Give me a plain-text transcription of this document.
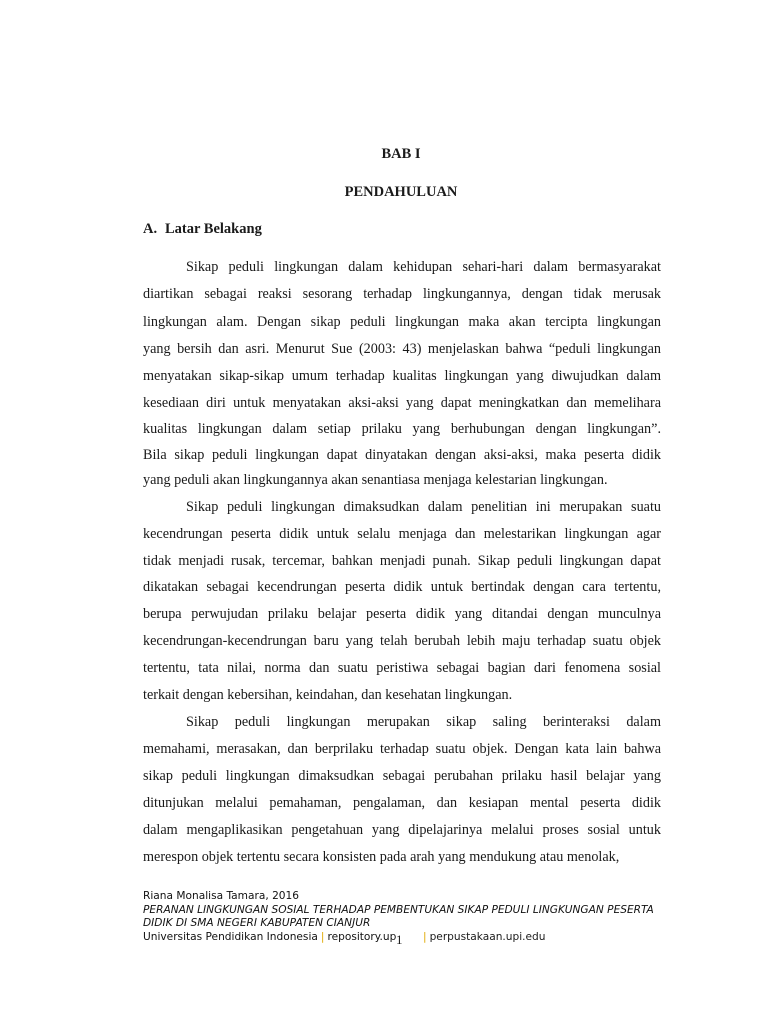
BAB I
PENDAHULUAN
A. Latar Belakang
Sikap peduli lingkungan dalam kehidupan sehari-hari dalam bermasyarakat
diartikan sebagai reaksi sesorang terhadap lingkungannya, dengan tidak merusak
lingkungan alam. Dengan sikap peduli lingkungan maka akan tercipta lingkungan
yang bersih dan asri. Menurut Sue (2003: 43) menjelaskan bahwa “peduli lingkungan
menyatakan sikap-sikap umum terhadap kualitas lingkungan yang diwujudkan dalam
kesediaan diri untuk menyatakan aksi-aksi yang dapat meningkatkan dan memelihara
kualitas lingkungan dalam setiap prilaku yang berhubungan dengan lingkungan”.
Bila sikap peduli lingkungan dapat dinyatakan dengan aksi-aksi, maka peserta didik
yang peduli akan lingkungannya akan senantiasa menjaga kelestarian lingkungan.
Sikap peduli lingkungan dimaksudkan dalam penelitian ini merupakan suatu
kecendrungan peserta didik untuk selalu menjaga dan melestarikan lingkungan agar
tidak menjadi rusak, tercemar, bahkan menjadi punah. Sikap peduli lingkungan dapat
dikatakan sebagai kecendrungan peserta didik untuk bertindak dengan cara tertentu,
berupa perwujudan prilaku belajar peserta didik yang ditandai dengan munculnya
kecendrungan-kecendrungan baru yang telah berubah lebih maju terhadap suatu objek
tertentu, tata nilai, norma dan suatu peristiwa sebagai bagian dari fenomena sosial
terkait dengan kebersihan, keindahan, dan kesehatan lingkungan.
Sikap peduli lingkungan merupakan sikap saling berinteraksi dalam
memahami, merasakan, dan berprilaku terhadap suatu objek. Dengan kata lain bahwa
sikap peduli lingkungan dimaksudkan sebagai perubahan prilaku hasil belajar yang
ditunjukan melalui pemahaman, pengalaman, dan kesiapan mental peserta didik
dalam mengaplikasikan pengetahuan yang dipelajarinya melalui proses sosial untuk
merespon objek tertentu secara konsisten pada arah yang mendukung atau menolak,
Riana Monalisa Tamara, 2016
PERANAN LINGKUNGAN SOSIAL TERHADAP PEMBENTUKAN SIKAP PEDULI LINGKUNGAN PESERTA
DIDIK DI SMA NEGERI KABUPATEN CIANJUR
Universitas Pendidikan Indonesia | repository.up 1 | perpustakaan.upi.edu
